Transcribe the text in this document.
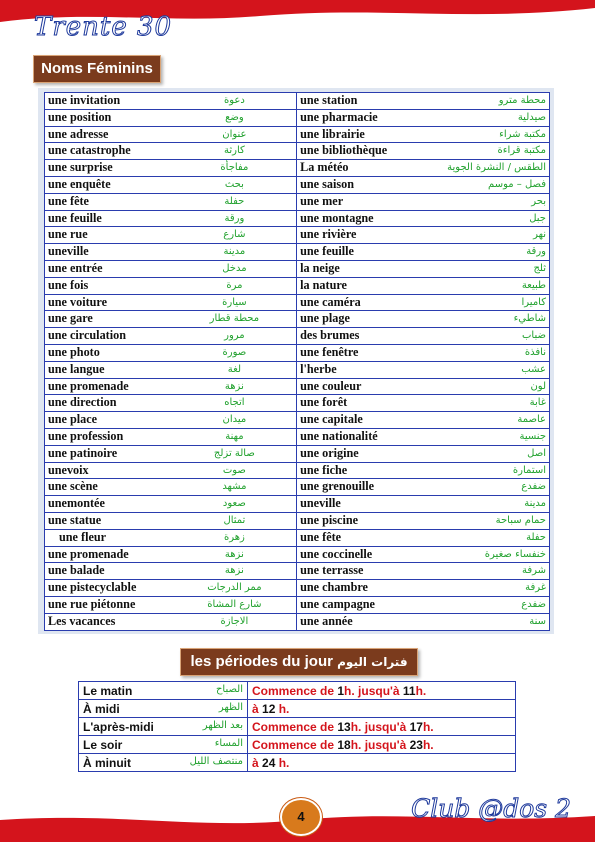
Trente 30
Noms Féminins
une invitation	دعوة	une station	محطة مترو
une position	وضع	une pharmacie	صيدلية
une adresse	عنوان	une librairie	مكتبة شراء
une catastrophe	كارثة	une bibliothèque	مكتبة قراءة
une surprise	مفاجأة	La météo	الطقس / النشرة الجوية
une enquête	بحث	une saison	فصل – موسم
une fête	حفلة	une mer	بحر
une feuille	ورقة	une montagne	جبل
une rue	شارع	une rivière	نهر
uneville	مدينة	une feuille	ورقة
une entrée	مدخل	la neige	ثلج
une fois	مرة	la nature	طبيعة
une voiture	سيارة	une caméra	كاميرا
une gare	محطة قطار	une plage	شاطيء
une circulation	مرور	des brumes	ضباب
une photo	صورة	une fenêtre	نافذة
une langue	لغة	l'herbe	عشب
une promenade	نزهة	une couleur	لون
une direction	اتجاه	une forêt	غابة
une place	ميدان	une capitale	عاصمة
une profession	مهنة	une nationalité	جنسية
une patinoire	صالة تزلج	une origine	اصل
unevoix	صوت	une fiche	استمارة
une scène	مشهد	une grenouille	ضفدع
unemontée	صعود	uneville	مدينة
une statue	تمثال	une piscine	حمام سباحة
une fleur	زهرة	une fête	حفلة
une promenade	نزهة	une coccinelle	خنفساء صغيرة
une balade	نزهة	une terrasse	شرفة
une pistecyclable	ممر الدرجات	une chambre	غرفة
une rue piétonne	شارع المشاة	une campagne	ضفدع
Les vacances	الاجازة	une année	سنة
les périodes du jour فترات اليوم
Le matin الصباح	Commence de 1h. jusqu'à 11h.
À midi الظهر	à 12 h.
L'après-midi بعد الظهر	Commence de 13h. jusqu'à 17h.
Le soir المساء	Commence de 18h. jusqu'à 23h.
À minuit منتصف الليل	à 24 h.
4	Club @dos 2
